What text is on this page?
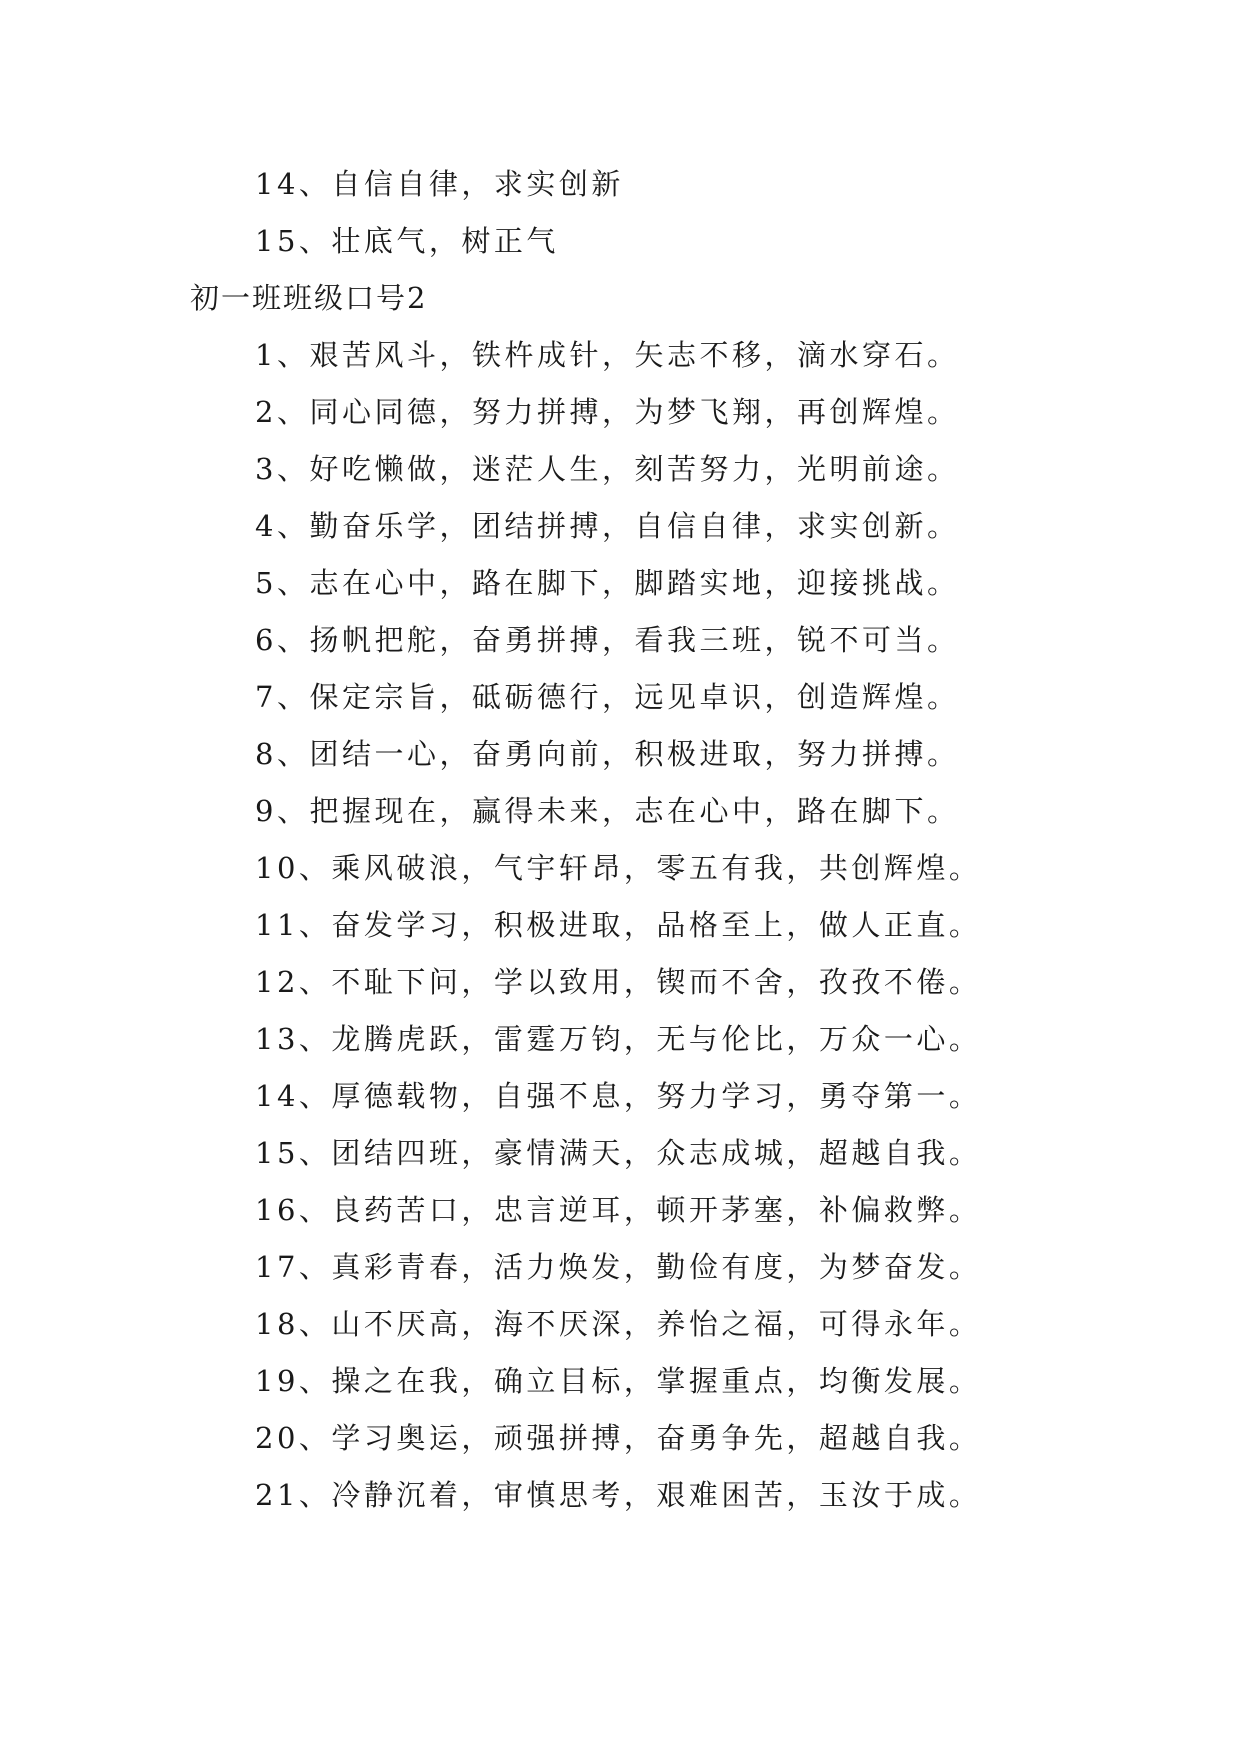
14、自信自律，求实创新
15、壮底气，树正气
初一班班级口号2
1、艰苦风斗，铁杵成针，矢志不移，滴水穿石。
2、同心同德，努力拼搏，为梦飞翔，再创辉煌。
3、好吃懒做，迷茫人生，刻苦努力，光明前途。
4、勤奋乐学，团结拼搏，自信自律，求实创新。
5、志在心中，路在脚下，脚踏实地，迎接挑战。
6、扬帆把舵，奋勇拼搏，看我三班，锐不可当。
7、保定宗旨，砥砺德行，远见卓识，创造辉煌。
8、团结一心，奋勇向前，积极进取，努力拼搏。
9、把握现在，赢得未来，志在心中，路在脚下。
10、乘风破浪，气宇轩昂，零五有我，共创辉煌。
11、奋发学习，积极进取，品格至上，做人正直。
12、不耻下问，学以致用，锲而不舍，孜孜不倦。
13、龙腾虎跃，雷霆万钧，无与伦比，万众一心。
14、厚德载物，自强不息，努力学习，勇夺第一。
15、团结四班，豪情满天，众志成城，超越自我。
16、良药苦口，忠言逆耳，顿开茅塞，补偏救弊。
17、真彩青春，活力焕发，勤俭有度，为梦奋发。
18、山不厌高，海不厌深，养怡之福，可得永年。
19、操之在我，确立目标，掌握重点，均衡发展。
20、学习奥运，顽强拼搏，奋勇争先，超越自我。
21、冷静沉着，审慎思考，艰难困苦，玉汝于成。
